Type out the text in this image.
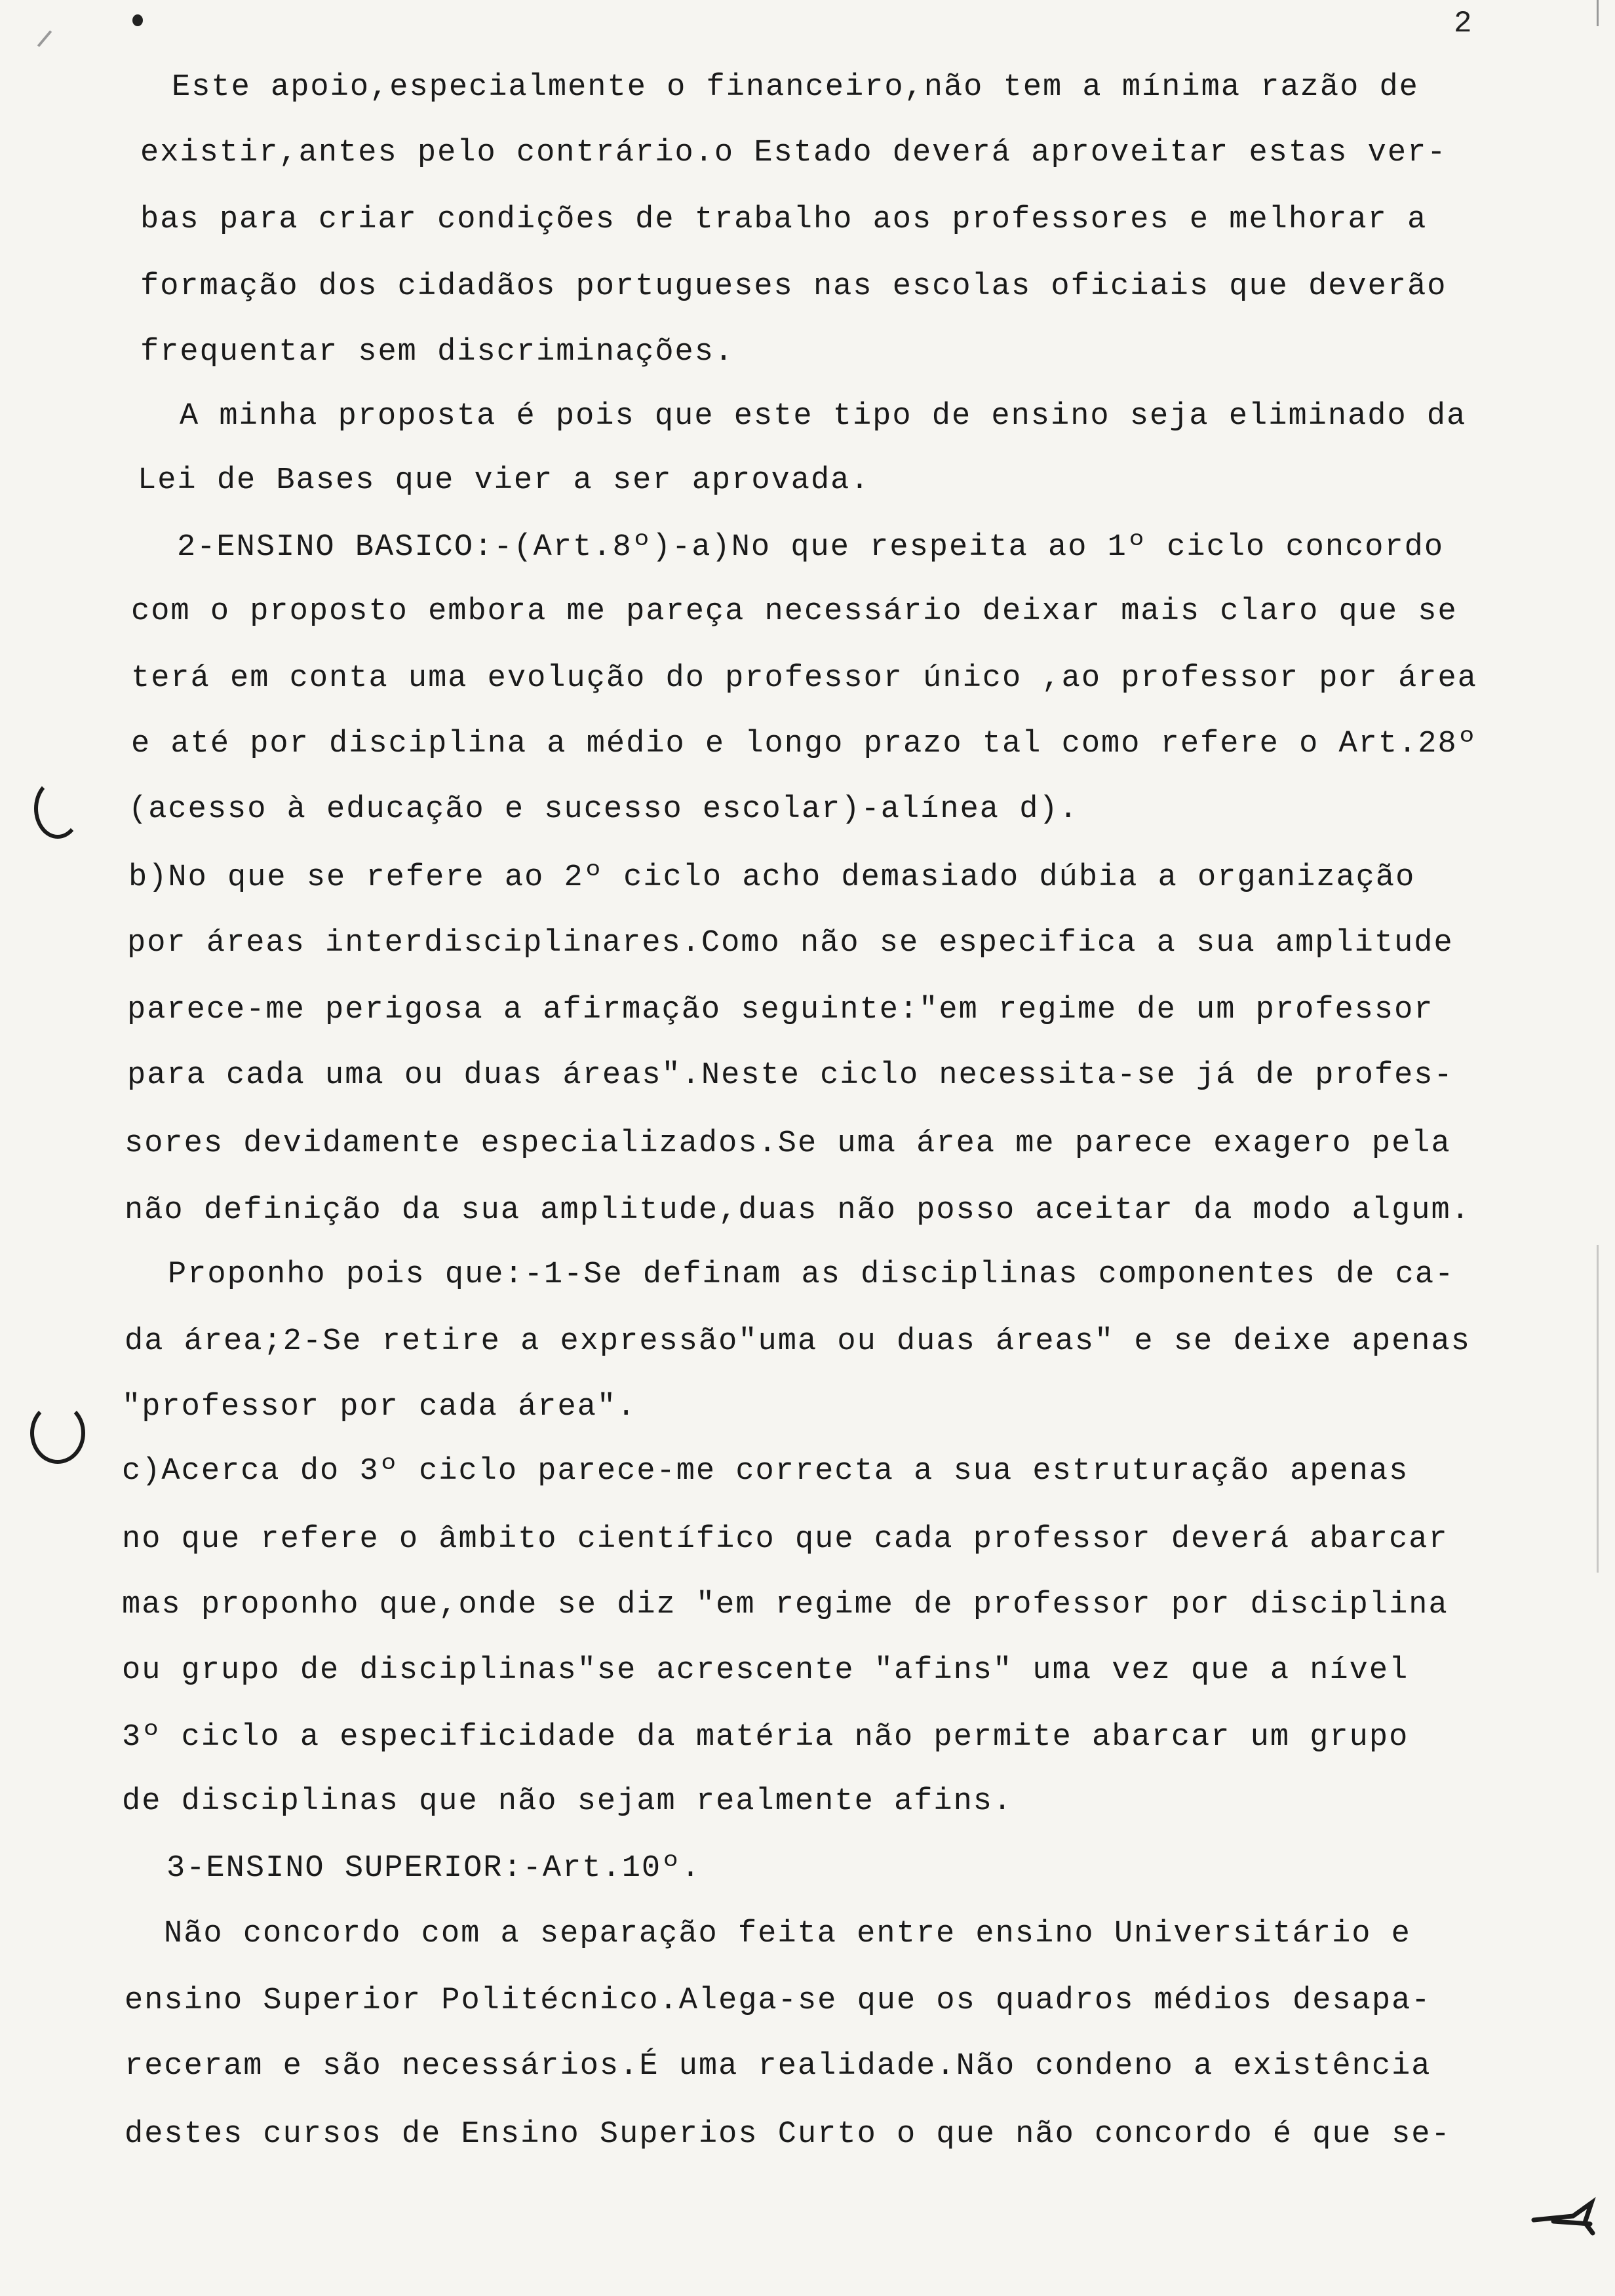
2
Este apoio,especialmente o financeiro,não tem a mínima razão de
existir,antes pelo contrário.o Estado deverá aproveitar estas ver-
bas para criar condições de trabalho aos professores e melhorar a
formação dos cidadãos portugueses nas escolas oficiais que deverão
frequentar sem discriminações.
A minha proposta é pois que este tipo de ensino seja eliminado da
Lei de Bases que vier a ser aprovada.
2-ENSINO BASICO:-(Art.8º)-a)No que respeita ao 1º ciclo concordo
com o proposto embora me pareça necessário deixar mais claro que se
terá em conta uma evolução do professor único ,ao professor por área
e até por disciplina a médio e longo prazo tal como refere o Art.28º
(acesso à educação e sucesso escolar)-alínea d).
b)No que se refere ao 2º ciclo acho demasiado dúbia a organização
por áreas interdisciplinares.Como não se especifica a sua amplitude
parece-me perigosa a afirmação seguinte:"em regime de um professor
para cada uma ou duas áreas".Neste ciclo necessita-se já de profes-
sores devidamente especializados.Se uma área me parece exagero pela
não definição da sua amplitude,duas não posso aceitar da modo algum.
Proponho pois que:-1-Se definam as disciplinas componentes de ca-
da área;2-Se retire a expressão"uma ou duas áreas" e se deixe apenas
"professor por cada área".
c)Acerca do 3º ciclo parece-me correcta a sua estruturação apenas
no que refere o âmbito científico que cada professor deverá abarcar
mas proponho que,onde se diz "em regime de professor por disciplina
ou grupo de disciplinas"se acrescente "afins" uma vez que a nível
3º ciclo a especificidade da matéria não permite abarcar um grupo
de disciplinas que não sejam realmente afins.
3-ENSINO SUPERIOR:-Art.10º.
Não concordo com a separação feita entre ensino Universitário e
ensino Superior Politécnico.Alega-se que os quadros médios desapa-
receram e são necessários.É uma realidade.Não condeno a existência
destes cursos de Ensino Superios Curto o que não concordo é que se-
